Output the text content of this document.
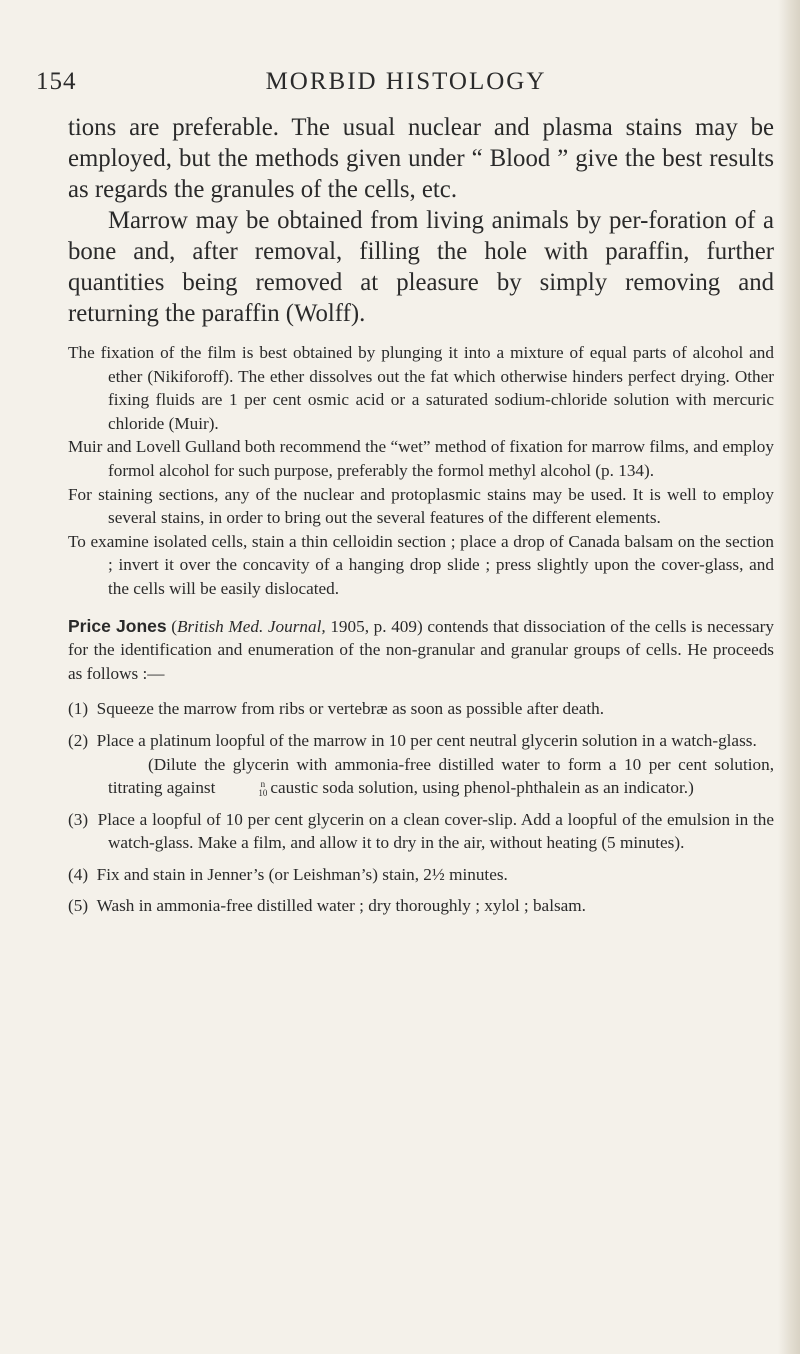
154	MORBID HISTOLOGY

tions are preferable. The usual nuclear and plasma stains may be employed, but the methods given under “ Blood ” give the best results as regards the granules of the cells, etc.

Marrow may be obtained from living animals by per-foration of a bone and, after removal, filling the hole with paraffin, further quantities being removed at pleasure by simply removing and returning the paraffin (Wolff).

The fixation of the film is best obtained by plunging it into a mixture of equal parts of alcohol and ether (Nikiforoff). The ether dissolves out the fat which otherwise hinders perfect drying. Other fixing fluids are 1 per cent osmic acid or a saturated sodium-chloride solution with mercuric chloride (Muir).

Muir and Lovell Gulland both recommend the “wet” method of fixation for marrow films, and employ formol alcohol for such purpose, preferably the formol methyl alcohol (p. 134).

For staining sections, any of the nuclear and protoplasmic stains may be used. It is well to employ several stains, in order to bring out the several features of the different elements.

To examine isolated cells, stain a thin celloidin section ; place a drop of Canada balsam on the section ; invert it over the concavity of a hanging drop slide ; press slightly upon the cover-glass, and the cells will be easily dislocated.

Price Jones (British Med. Journal, 1905, p. 409) contends that dissociation of the cells is necessary for the identification and enumeration of the non-granular and granular groups of cells. He proceeds as follows :—

(1) Squeeze the marrow from ribs or vertebræ as soon as possible after death.
(2) Place a platinum loopful of the marrow in 10 per cent neutral glycerin solution in a watch-glass.
(Dilute the glycerin with ammonia-free distilled water to form a 10 per cent solution, titrating against	n
10 caustic soda solution, using phenol-phthalein as an indicator.)
(3) Place a loopful of 10 per cent glycerin on a clean cover-slip. Add a loopful of the emulsion in the watch-glass. Make a film, and allow it to dry in the air, without heating (5 minutes).
(4) Fix and stain in Jenner’s (or Leishman’s) stain, 2½ minutes.
(5) Wash in ammonia-free distilled water ; dry thoroughly ; xylol ; balsam.
